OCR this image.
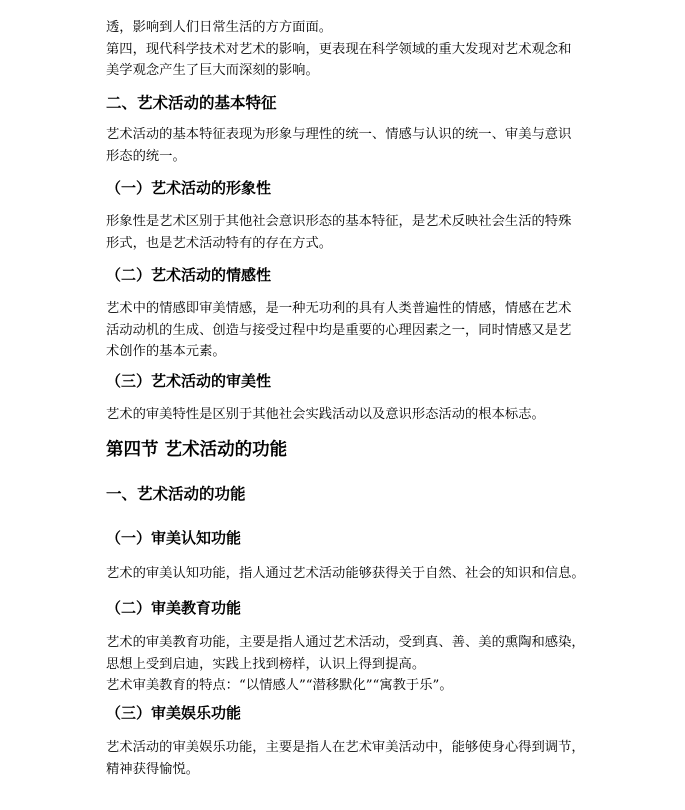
透，影响到人们日常生活的方方面面。
第四，现代科学技术对艺术的影响，更表现在科学领域的重大发现对艺术观念和
美学观念产生了巨大而深刻的影响。
二、艺术活动的基本特征
艺术活动的基本特征表现为形象与理性的统一、情感与认识的统一、审美与意识
形态的统一。
（一）艺术活动的形象性
形象性是艺术区别于其他社会意识形态的基本特征，是艺术反映社会生活的特殊
形式，也是艺术活动特有的存在方式。
（二）艺术活动的情感性
艺术中的情感即审美情感，是一种无功利的具有人类普遍性的情感，情感在艺术
活动动机的生成、创造与接受过程中均是重要的心理因素之一，同时情感又是艺
术创作的基本元素。
（三）艺术活动的审美性
艺术的审美特性是区别于其他社会实践活动以及意识形态活动的根本标志。
第四节 艺术活动的功能
一、艺术活动的功能
（一）审美认知功能
艺术的审美认知功能，指人通过艺术活动能够获得关于自然、社会的知识和信息。
（二）审美教育功能
艺术的审美教育功能，主要是指人通过艺术活动，受到真、善、美的熏陶和感染，
思想上受到启迪，实践上找到榜样，认识上得到提高。
艺术审美教育的特点：“以情感人”“潜移默化”“寓教于乐”。
（三）审美娱乐功能
艺术活动的审美娱乐功能，主要是指人在艺术审美活动中，能够使身心得到调节，
精神获得愉悦。
